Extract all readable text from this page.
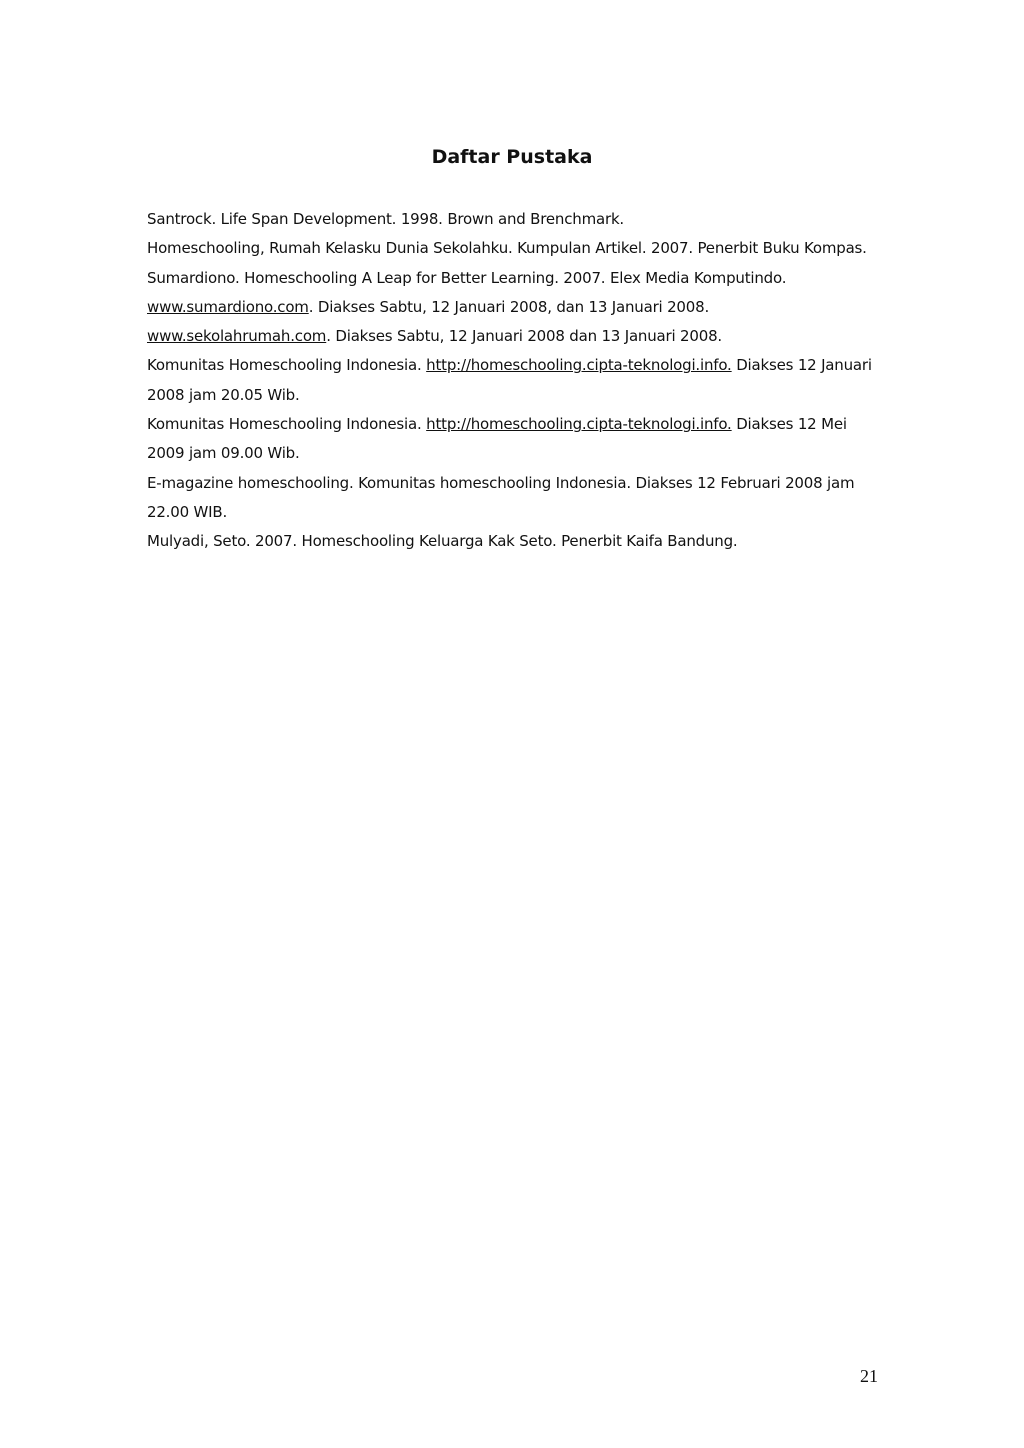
Daftar Pustaka

Santrock. Life Span Development. 1998. Brown and Brenchmark.

Homeschooling, Rumah Kelasku Dunia Sekolahku. Kumpulan Artikel. 2007. Penerbit Buku Kompas.

Sumardiono. Homeschooling A Leap for Better Learning. 2007. Elex Media Komputindo.

www.sumardiono.com. Diakses Sabtu, 12 Januari 2008, dan 13 Januari 2008.

www.sekolahrumah.com. Diakses Sabtu, 12 Januari 2008 dan 13 Januari 2008.

Komunitas Homeschooling Indonesia. http://homeschooling.cipta-teknologi.info. Diakses 12 Januari 2008 jam 20.05 Wib.

Komunitas Homeschooling Indonesia. http://homeschooling.cipta-teknologi.info. Diakses 12 Mei 2009 jam 09.00 Wib.

E-magazine homeschooling. Komunitas homeschooling Indonesia. Diakses 12 Februari 2008 jam 22.00 WIB.

Mulyadi, Seto. 2007. Homeschooling Keluarga Kak Seto. Penerbit Kaifa Bandung.

21
